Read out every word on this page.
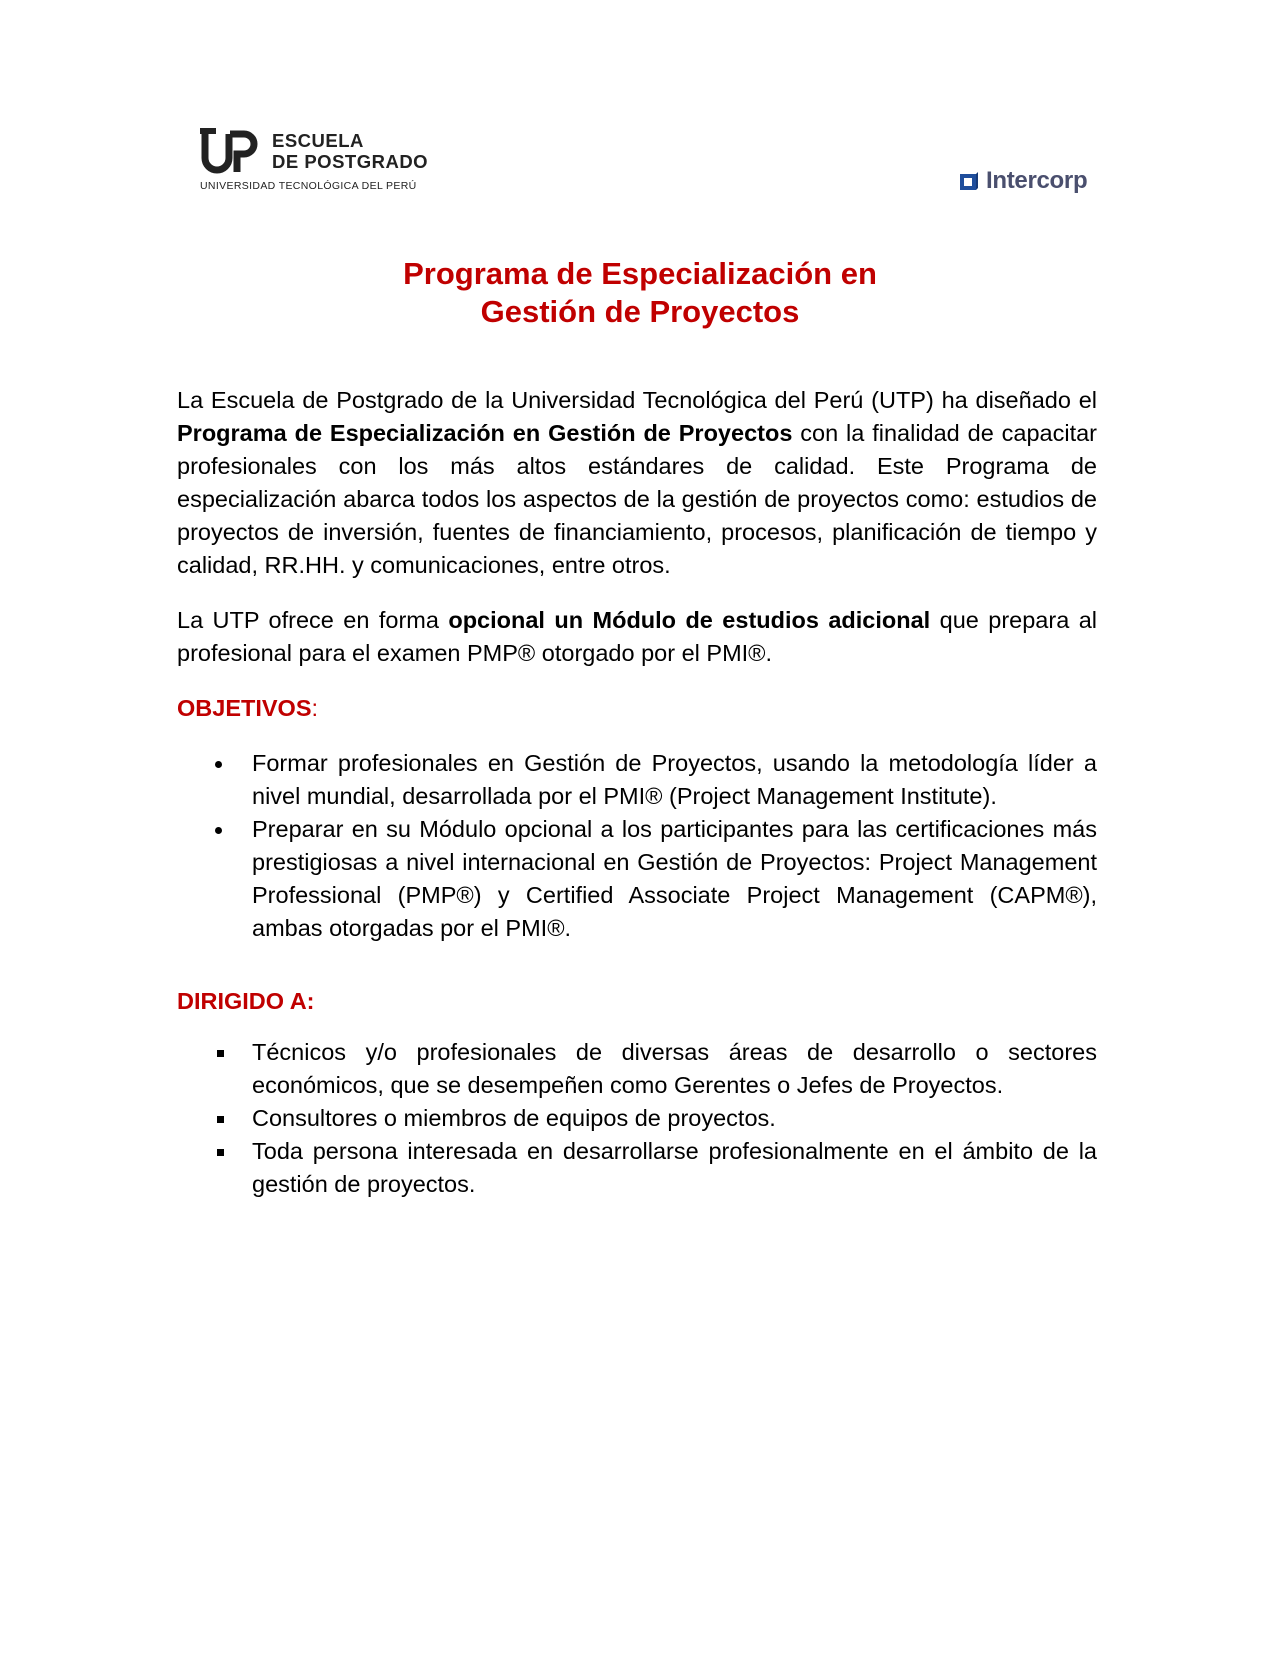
ESCUELA
DE POSTGRADO
UNIVERSIDAD TECNOLÓGICA DEL PERÚ	Intercorp
Programa de Especialización en
Gestión de Proyectos

La Escuela de Postgrado de la Universidad Tecnológica del Perú (UTP) ha diseñado el Programa de Especialización en Gestión de Proyectos con la finalidad de capacitar profesionales con los más altos estándares de calidad. Este Programa de especialización abarca todos los aspectos de la gestión de proyectos como: estudios de proyectos de inversión, fuentes de financiamiento, procesos, planificación de tiempo y calidad, RR.HH. y comunicaciones, entre otros.

La UTP ofrece en forma opcional un Módulo de estudios adicional que prepara al profesional para el examen PMP® otorgado por el PMI®.

OBJETIVOS:
Formar profesionales en Gestión de Proyectos, usando la metodología líder a nivel mundial, desarrollada por el PMI® (Project Management Institute).
Preparar en su Módulo opcional a los participantes para las certificaciones más prestigiosas a nivel internacional en Gestión de Proyectos: Project Management Professional (PMP®) y Certified Associate Project Management (CAPM®), ambas otorgadas por el PMI®.
DIRIGIDO A:
Técnicos y/o profesionales de diversas áreas de desarrollo o sectores económicos, que se desempeñen como Gerentes o Jefes de Proyectos.
Consultores o miembros de equipos de proyectos.
Toda persona interesada en desarrollarse profesionalmente en el ámbito de la gestión de proyectos.
